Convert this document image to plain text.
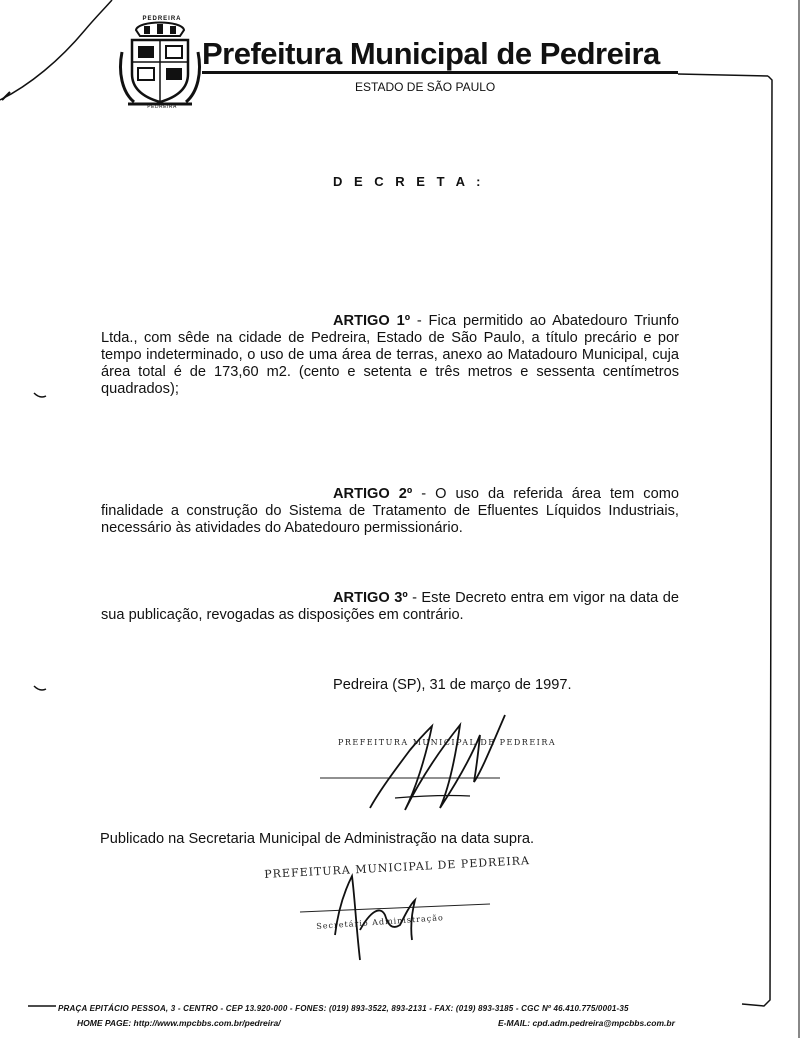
PEDREIRA
PEDREIRA
Prefeitura Municipal de Pedreira
ESTADO DE SÃO PAULO
D E C R E T A :
ARTIGO 1º - Fica permitido ao Abatedouro Triunfo Ltda., com sêde na cidade de Pedreira, Estado de São Paulo, a título precário e por tempo indeterminado, o uso de uma área de terras, anexo ao Matadouro Municipal, cuja área total é de 173,60 m2. (cento e setenta e três metros e sessenta centímetros quadrados);
ARTIGO 2º - O uso da referida área tem como finalidade a construção do Sistema de Tratamento de Efluentes Líquidos Industriais, necessário às atividades do Abatedouro permissionário.
ARTIGO 3º - Este Decreto entra em vigor na data de sua publicação, revogadas as disposições em contrário.
Pedreira (SP), 31 de março de 1997.
PREFEITURA MUNICIPAL DE PEDREIRA
Publicado na Secretaria Municipal de Administração na data supra.
PREFEITURA MUNICIPAL DE PEDREIRA
Secretário Administração
PRAÇA EPITÁCIO PESSOA, 3 - CENTRO - CEP 13.920-000 - FONES: (019) 893-3522, 893-2131 - FAX: (019) 893-3185 - CGC Nº 46.410.775/0001-35
HOME PAGE: http://www.mpcbbs.com.br/pedreira/	E-MAIL: cpd.adm.pedreira@mpcbbs.com.br
